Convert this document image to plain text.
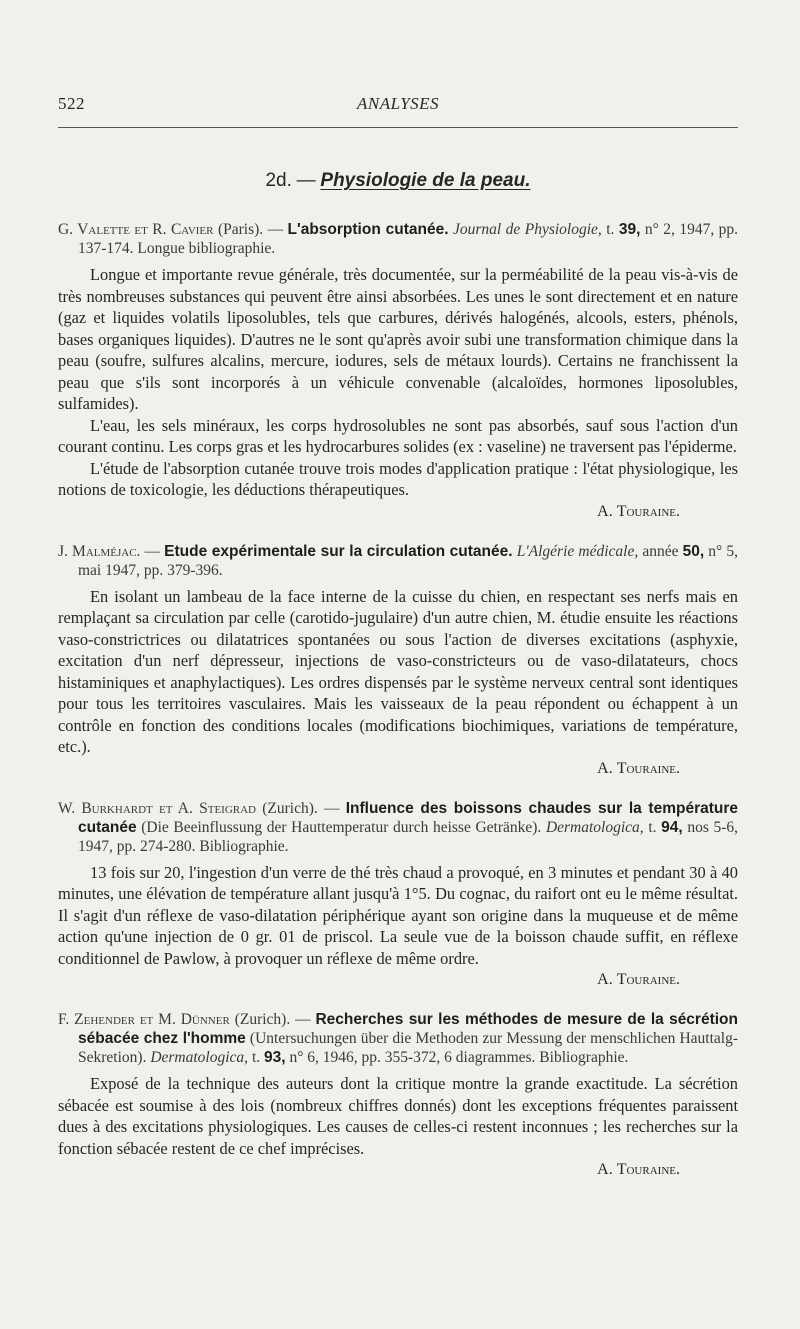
522	ANALYSES
2d. — Physiologie de la peau.

G. Valette et R. Cavier (Paris). — L'absorption cutanée. Journal de Physiologie, t. 39, n° 2, 1947, pp. 137-174. Longue bibliographie.

Longue et importante revue générale, très documentée, sur la perméabilité de la peau vis-à-vis de très nombreuses substances qui peuvent être ainsi absorbées. Les unes le sont directement et en nature (gaz et liquides volatils liposolubles, tels que carbures, dérivés halogénés, alcools, esters, phénols, bases organiques liquides). D'autres ne le sont qu'après avoir subi une transformation chimique dans la peau (soufre, sulfures alcalins, mercure, iodures, sels de métaux lourds). Certains ne franchissent la peau que s'ils sont incorporés à un véhicule convenable (alcaloïdes, hormones liposolubles, sulfamides).

L'eau, les sels minéraux, les corps hydrosolubles ne sont pas absorbés, sauf sous l'action d'un courant continu. Les corps gras et les hydrocarbures solides (ex : vaseline) ne traversent pas l'épiderme.

L'étude de l'absorption cutanée trouve trois modes d'application pratique : l'état physiologique, les notions de toxicologie, les déductions thérapeutiques.

A. Touraine.

J. Malméjac. — Etude expérimentale sur la circulation cutanée. L'Algérie médicale, année 50, n° 5, mai 1947, pp. 379-396.

En isolant un lambeau de la face interne de la cuisse du chien, en respectant ses nerfs mais en remplaçant sa circulation par celle (carotido-jugulaire) d'un autre chien, M. étudie ensuite les réactions vaso-constrictrices ou dilatatrices spontanées ou sous l'action de diverses excitations (asphyxie, excitation d'un nerf dépresseur, injections de vaso-constricteurs ou de vaso-dilatateurs, chocs histaminiques et anaphylactiques). Les ordres dispensés par le système nerveux central sont identiques pour tous les territoires vasculaires. Mais les vaisseaux de la peau répondent ou échappent à un contrôle en fonction des conditions locales (modifications biochimiques, variations de température, etc.).

A. Touraine.

W. Burkhardt et A. Steigrad (Zurich). — Influence des boissons chaudes sur la température cutanée (Die Beeinflussung der Hauttemperatur durch heisse Getränke). Dermatologica, t. 94, nos 5-6, 1947, pp. 274-280. Bibliographie.

13 fois sur 20, l'ingestion d'un verre de thé très chaud a provoqué, en 3 minutes et pendant 30 à 40 minutes, une élévation de température allant jusqu'à 1°5. Du cognac, du raifort ont eu le même résultat. Il s'agit d'un réflexe de vaso-dilatation périphérique ayant son origine dans la muqueuse et de même action qu'une injection de 0 gr. 01 de priscol. La seule vue de la boisson chaude suffit, en réflexe conditionnel de Pawlow, à provoquer un réflexe de même ordre.

A. Touraine.

F. Zehender et M. Dünner (Zurich). — Recherches sur les méthodes de mesure de la sécrétion sébacée chez l'homme (Untersuchungen über die Methoden zur Messung der menschlichen Hauttalg-Sekretion). Dermatologica, t. 93, n° 6, 1946, pp. 355-372, 6 diagrammes. Bibliographie.

Exposé de la technique des auteurs dont la critique montre la grande exactitude. La sécrétion sébacée est soumise à des lois (nombreux chiffres donnés) dont les exceptions fréquentes paraissent dues à des excitations physiologiques. Les causes de celles-ci restent inconnues ; les recherches sur la fonction sébacée restent de ce chef imprécises.

A. Touraine.
